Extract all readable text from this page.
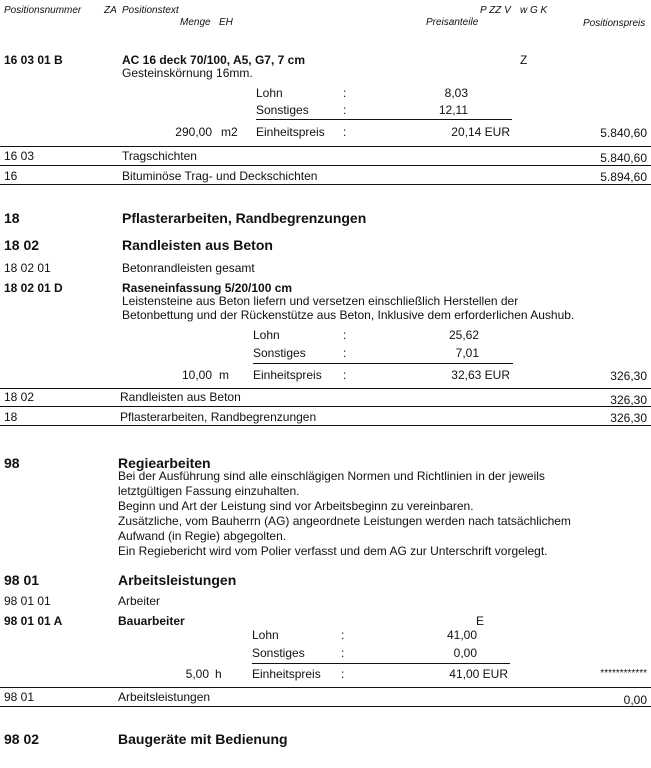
Positionsnummer ZA Positionstext
Menge EH
P ZZ V w G K
Preisanteile	Positionspreis
16 03 01 B	AC 16 deck 70/100, A5, G7, 7 cm	Z
Gesteinskörnung 16mm.
Lohn	:	8,03
Sonstiges	:	12,11
290,00 m2 Einheitspreis :	20,14 EUR	5.840,60
16 03	Tragschichten	5.840,60
16	Bituminöse Trag- und Deckschichten	5.894,60
18	Pflasterarbeiten, Randbegrenzungen
18 02	Randleisten aus Beton
18 02 01	Betonrandleisten gesamt
18 02 01 D	Raseneinfassung 5/20/100 cm
Leistensteine aus Beton liefern und versetzen einschließlich Herstellen der
Betonbettung und der Rückenstütze aus Beton, Inklusive dem erforderlichen Aushub.
Lohn	:	25,62
Sonstiges	:	7,01
10,00 m Einheitspreis :	32,63 EUR	326,30
18 02	Randleisten aus Beton	326,30
18	Pflasterarbeiten, Randbegrenzungen	326,30
98	Regiearbeiten
Bei der Ausführung sind alle einschlägigen Normen und Richtlinien in der jeweils
letztgültigen Fassung einzuhalten.
Beginn und Art der Leistung sind vor Arbeitsbeginn zu vereinbaren.
Zusätzliche, vom Bauherrn (AG) angeordnete Leistungen werden nach tatsächlichem
Aufwand (in Regie) abgegolten.
Ein Regiebericht wird vom Polier verfasst und dem AG zur Unterschrift vorgelegt.
98 01	Arbeitsleistungen
98 01 01	Arbeiter
98 01 01 A	Bauarbeiter	E
Lohn	:	41,00
Sonstiges	:	0,00
5,00 h	Einheitspreis :	41,00 EUR	************
98 01	Arbeitsleistungen	0,00
98 02	Baugeräte mit Bedienung
